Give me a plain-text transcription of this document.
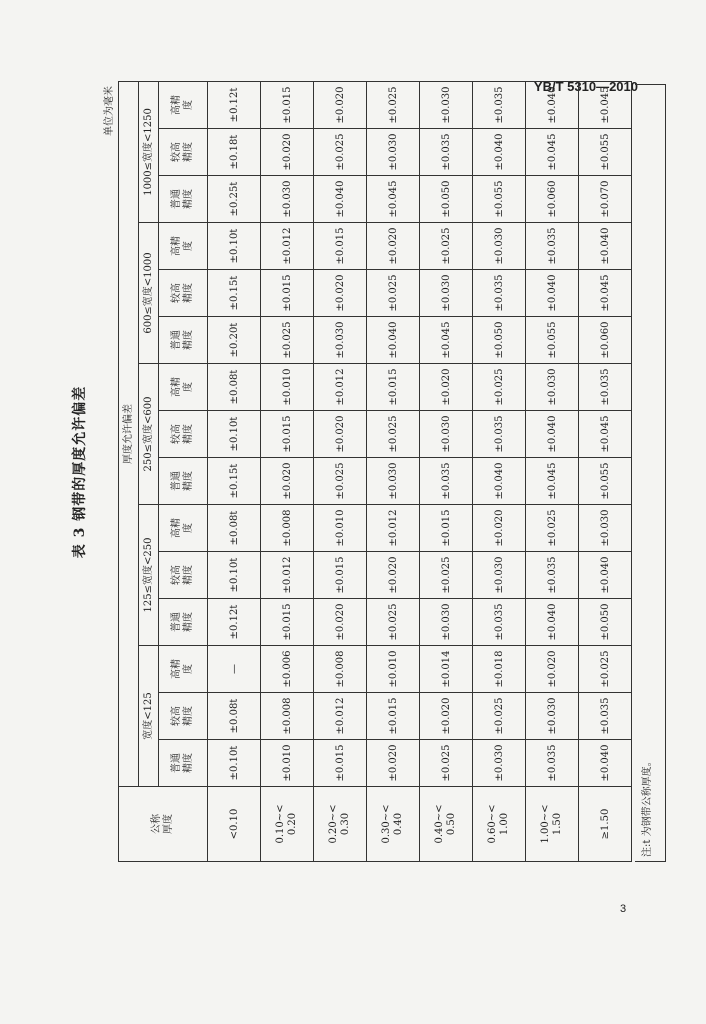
YB/T 5310—2010
表 3 钢带的厚度允许偏差
单位为毫米
公称厚度	厚度允许偏差														
	宽度<125			125≤宽度<250			250≤宽度<600			600≤宽度<1000			1000≤宽度<1250		
	普通精度	较高精度	高精度	普通精度	较高精度	高精度	普通精度	较高精度	高精度	普通精度	较高精度	高精度	普通精度	较高精度	高精度
<0.10	±0.10t	±0.08t	—	±0.12t	±0.10t	±0.08t	±0.15t	±0.10t	±0.08t	±0.20t	±0.15t	±0.10t	±0.25t	±0.18t	±0.12t
0.10~<0.20	±0.010	±0.008	±0.006	±0.015	±0.012	±0.008	±0.020	±0.015	±0.010	±0.025	±0.015	±0.012	±0.030	±0.020	±0.015
0.20~<0.30	±0.015	±0.012	±0.008	±0.020	±0.015	±0.010	±0.025	±0.020	±0.012	±0.030	±0.020	±0.015	±0.040	±0.025	±0.020
0.30~<0.40	±0.020	±0.015	±0.010	±0.025	±0.020	±0.012	±0.030	±0.025	±0.015	±0.040	±0.025	±0.020	±0.045	±0.030	±0.025
0.40~<0.50	±0.025	±0.020	±0.014	±0.030	±0.025	±0.015	±0.035	±0.030	±0.020	±0.045	±0.030	±0.025	±0.050	±0.035	±0.030
0.60~<1.00	±0.030	±0.025	±0.018	±0.035	±0.030	±0.020	±0.040	±0.035	±0.025	±0.050	±0.035	±0.030	±0.055	±0.040	±0.035
1.00~<1.50	±0.035	±0.030	±0.020	±0.040	±0.035	±0.025	±0.045	±0.040	±0.030	±0.055	±0.040	±0.035	±0.060	±0.045	±0.040
≥1.50	±0.040	±0.035	±0.025	±0.050	±0.040	±0.030	±0.055	±0.045	±0.035	±0.060	±0.045	±0.040	±0.070	±0.055	±0.045
注:t 为钢带公称厚度。
3
